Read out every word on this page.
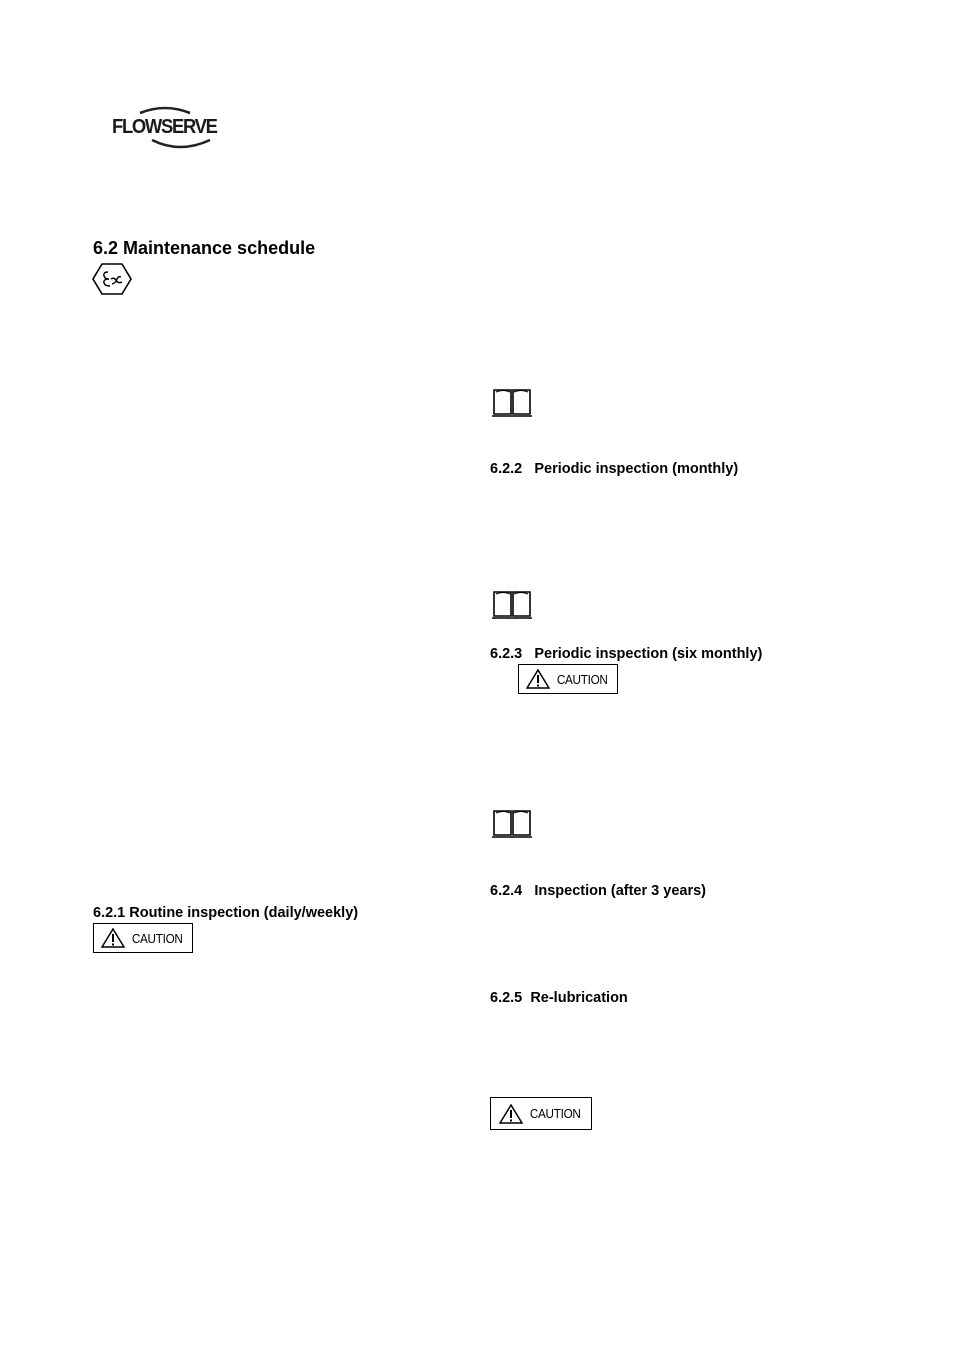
FLOWSERVE
6.2 Maintenance schedule
6.2.1 Routine inspection (daily/weekly)
CAUTION
6.2.2 Periodic inspection (monthly)
6.2.3 Periodic inspection (six monthly)
CAUTION
6.2.4 Inspection (after 3 years)
6.2.5 Re-lubrication
CAUTION
